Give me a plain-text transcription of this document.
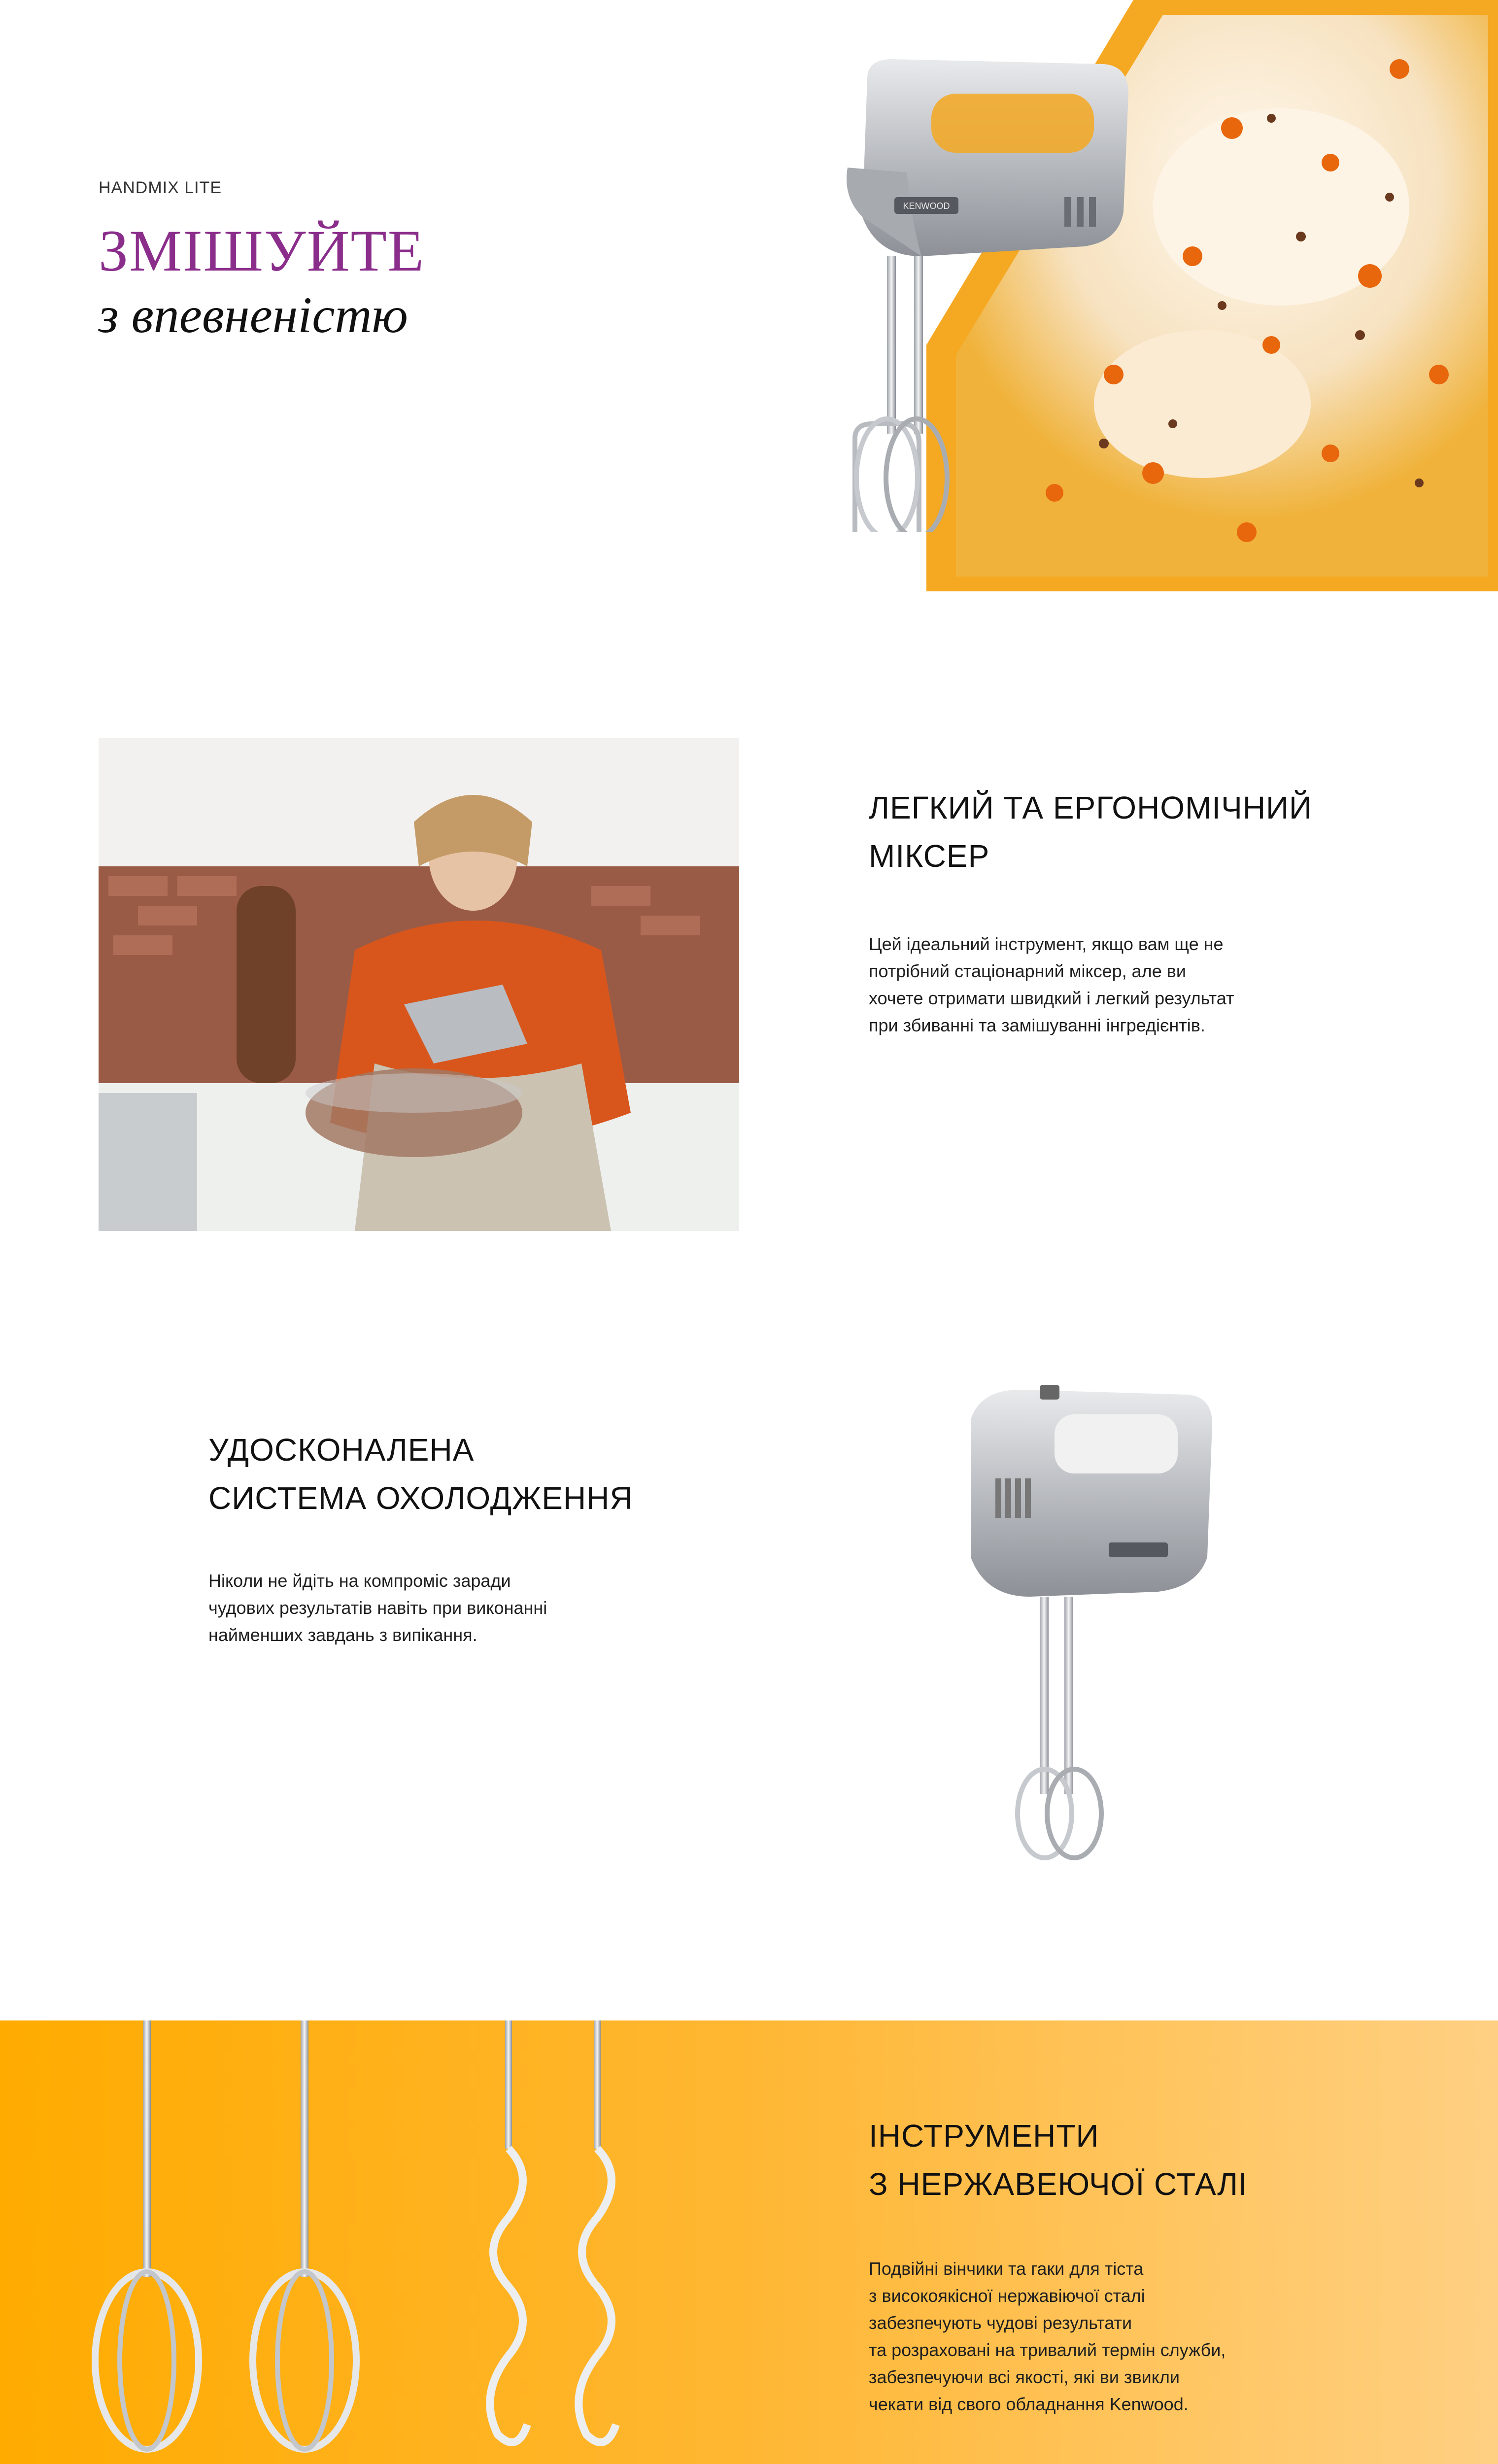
HANDMIX LITE
ЗМІШУЙТЕ
з впевненістю
KENWOOD
ЛЕГКИЙ ТА ЕРГОНОМІЧНИЙ
МІКСЕР
Цей ідеальний інструмент, якщо вам ще не
потрібний стаціонарний міксер, але ви
хочете отримати швидкий і легкий результат
при збиванні та замішуванні інгредієнтів.
УДОСКОНАЛЕНА
СИСТЕМА ОХОЛОДЖЕННЯ
Ніколи не йдіть на компроміс заради
чудових результатів навіть при виконанні
найменших завдань з випікання.
ІНСТРУМЕНТИ
З НЕРЖАВЕЮЧОЇ СТАЛІ
Подвійні вінчики та гаки для тіста
з високоякісної нержавіючої сталі
забезпечують чудові результати
та розраховані на тривалий термін служби,
забезпечуючи всі якості, які ви звикли
чекати від свого обладнання Kenwood.
